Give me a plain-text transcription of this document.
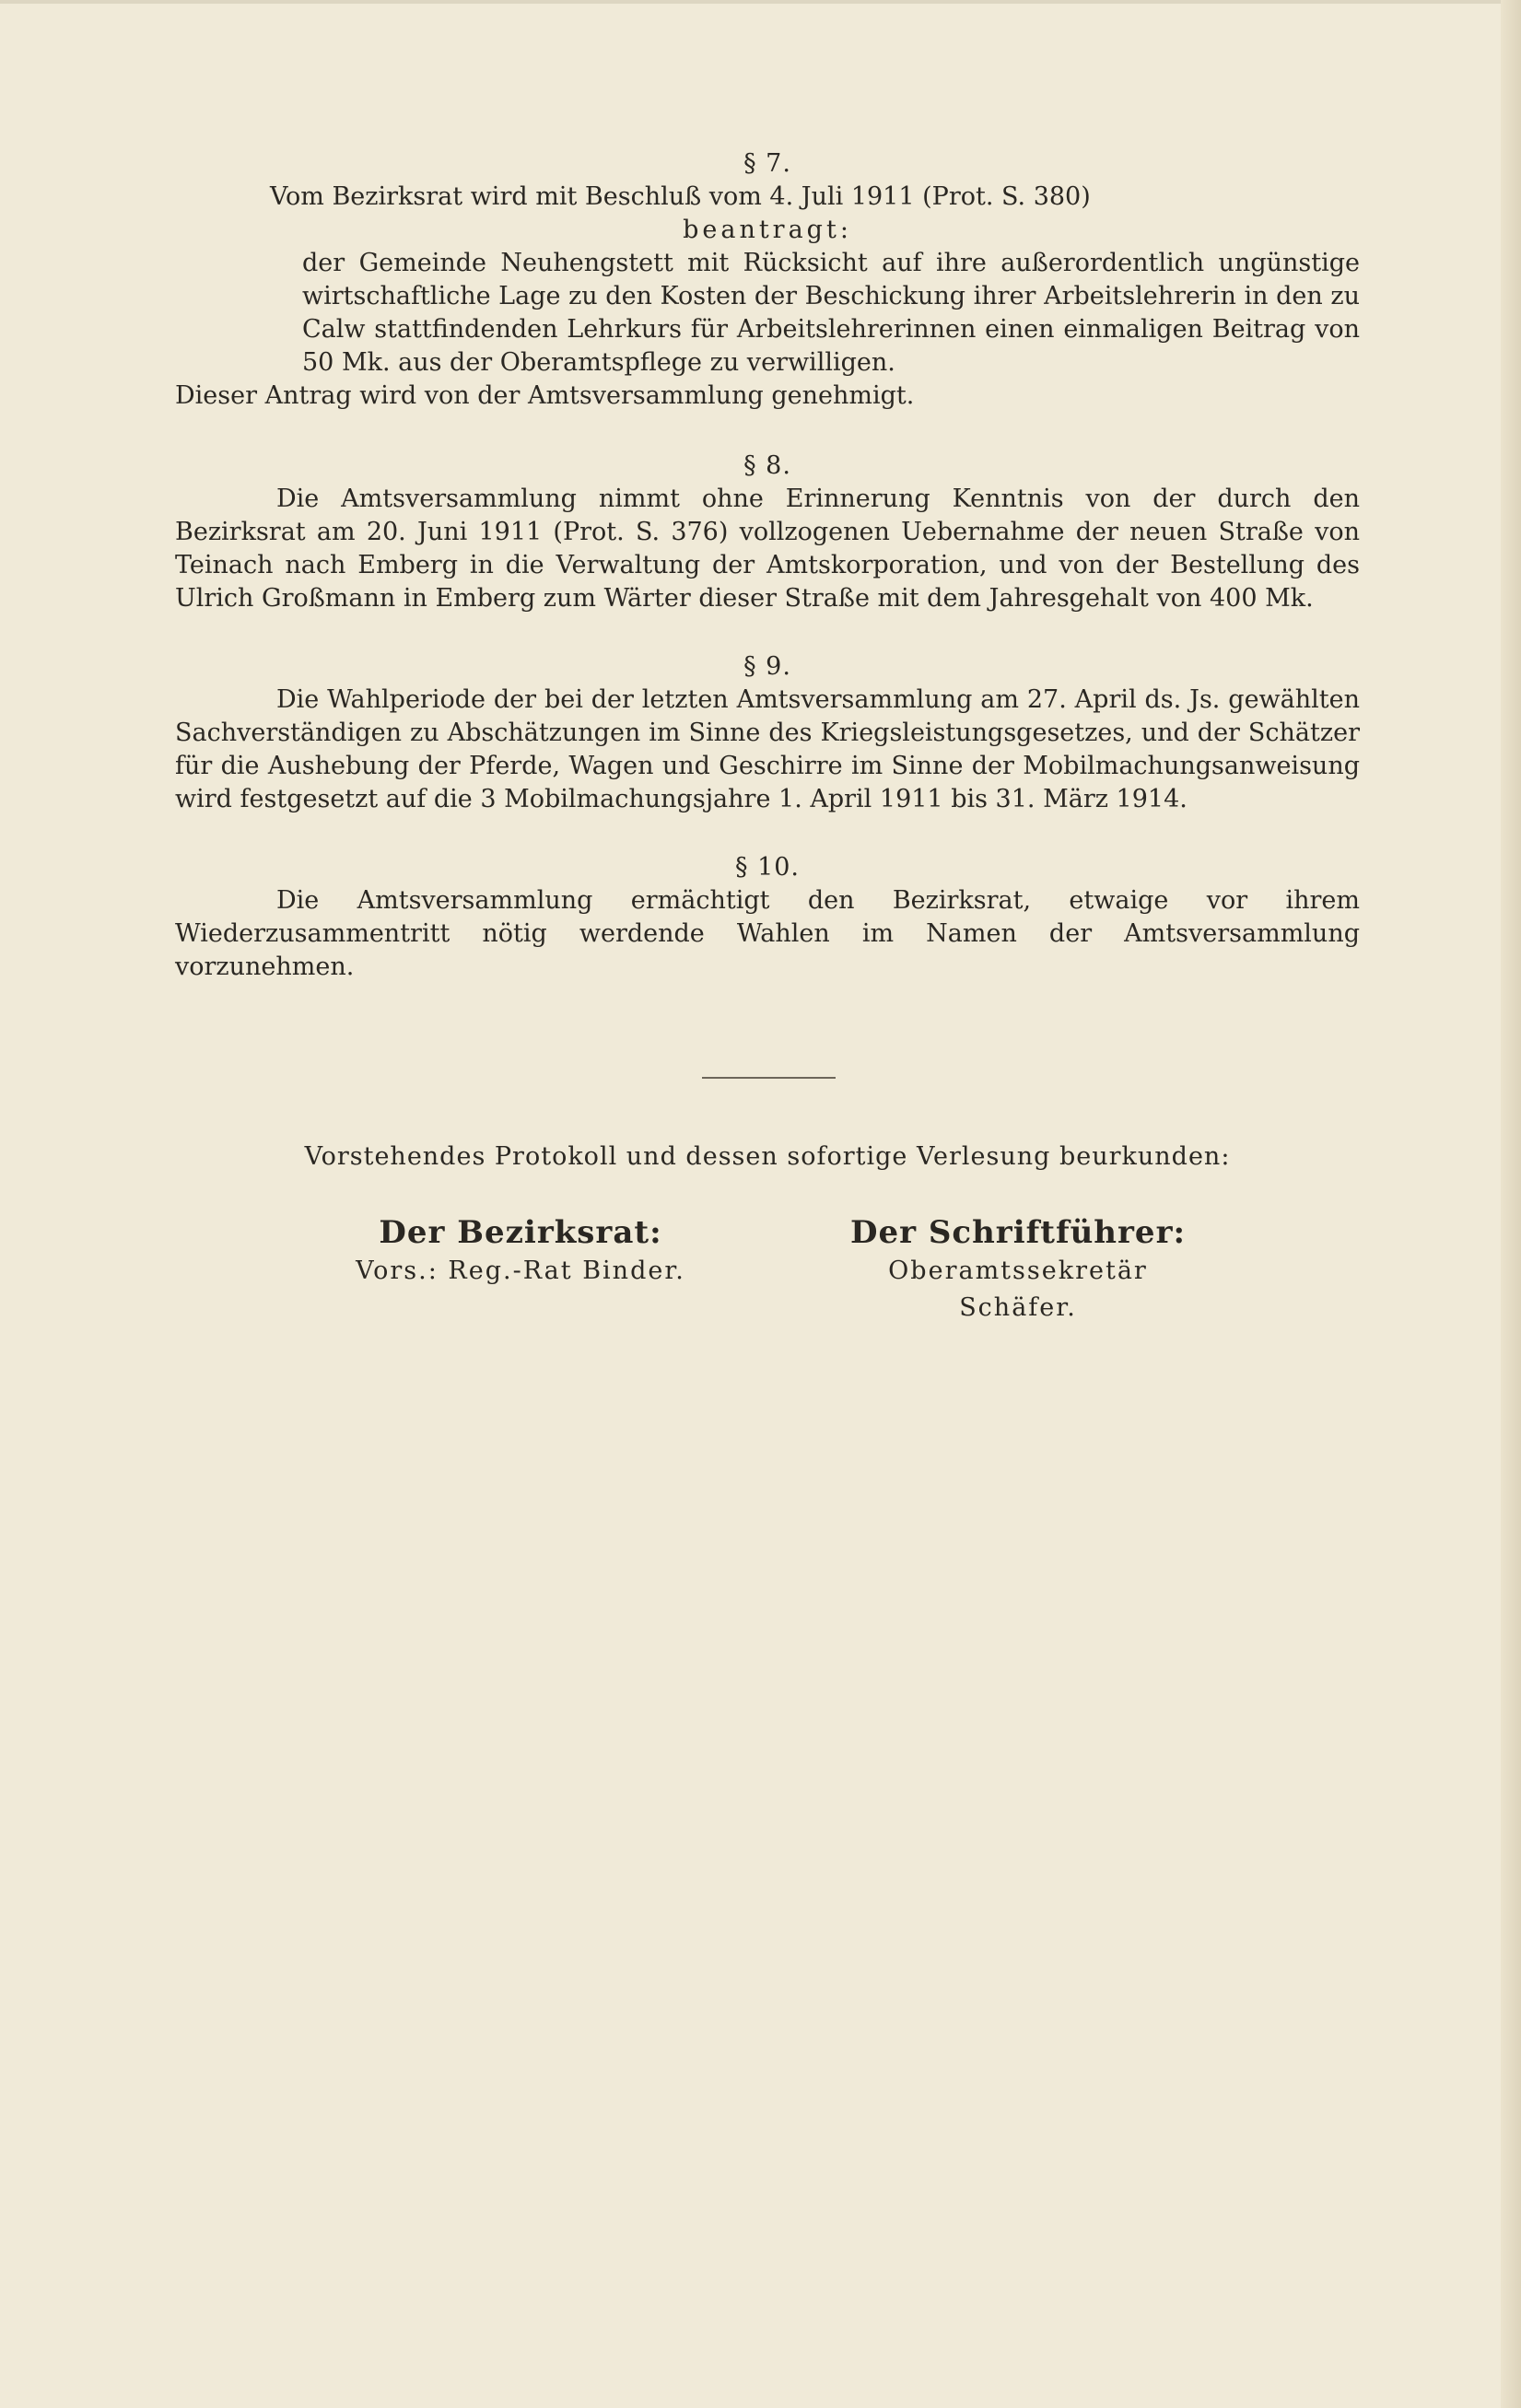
§ 7.

Vom Bezirksrat wird mit Beschluß vom 4. Juli 1911 (Prot. S. 380)

beantragt:

der Gemeinde Neuhengstett mit Rücksicht auf ihre außerordentlich ungünstige wirtschaftliche Lage zu den Kosten der Beschickung ihrer Arbeitslehrerin in den zu Calw stattfindenden Lehrkurs für Arbeitslehrerinnen einen einmaligen Beitrag von 50 Mk. aus der Oberamtspflege zu verwilligen.

Dieser Antrag wird von der Amtsversammlung genehmigt.

§ 8.

Die Amtsversammlung nimmt ohne Erinnerung Kenntnis von der durch den Bezirksrat am 20. Juni 1911 (Prot. S. 376) vollzogenen Uebernahme der neuen Straße von Teinach nach Emberg in die Verwaltung der Amtskorporation, und von der Bestellung des Ulrich Großmann in Emberg zum Wärter dieser Straße mit dem Jahresgehalt von 400 Mk.

§ 9.

Die Wahlperiode der bei der letzten Amtsversammlung am 27. April ds. Js. gewählten Sachverständigen zu Abschätzungen im Sinne des Kriegsleistungsgesetzes, und der Schätzer für die Aushebung der Pferde, Wagen und Geschirre im Sinne der Mobilmachungsanweisung wird festgesetzt auf die 3 Mobilmachungsjahre 1. April 1911 bis 31. März 1914.

§ 10.

Die Amtsversammlung ermächtigt den Bezirksrat, etwaige vor ihrem Wiederzusammentritt nötig werdende Wahlen im Namen der Amtsversammlung vorzunehmen.

Vorstehendes Protokoll und dessen sofortige Verlesung beurkunden:
Der Bezirksrat:
Vors.: Reg.-Rat Binder.
Der Schriftführer:
Oberamtssekretär Schäfer.
